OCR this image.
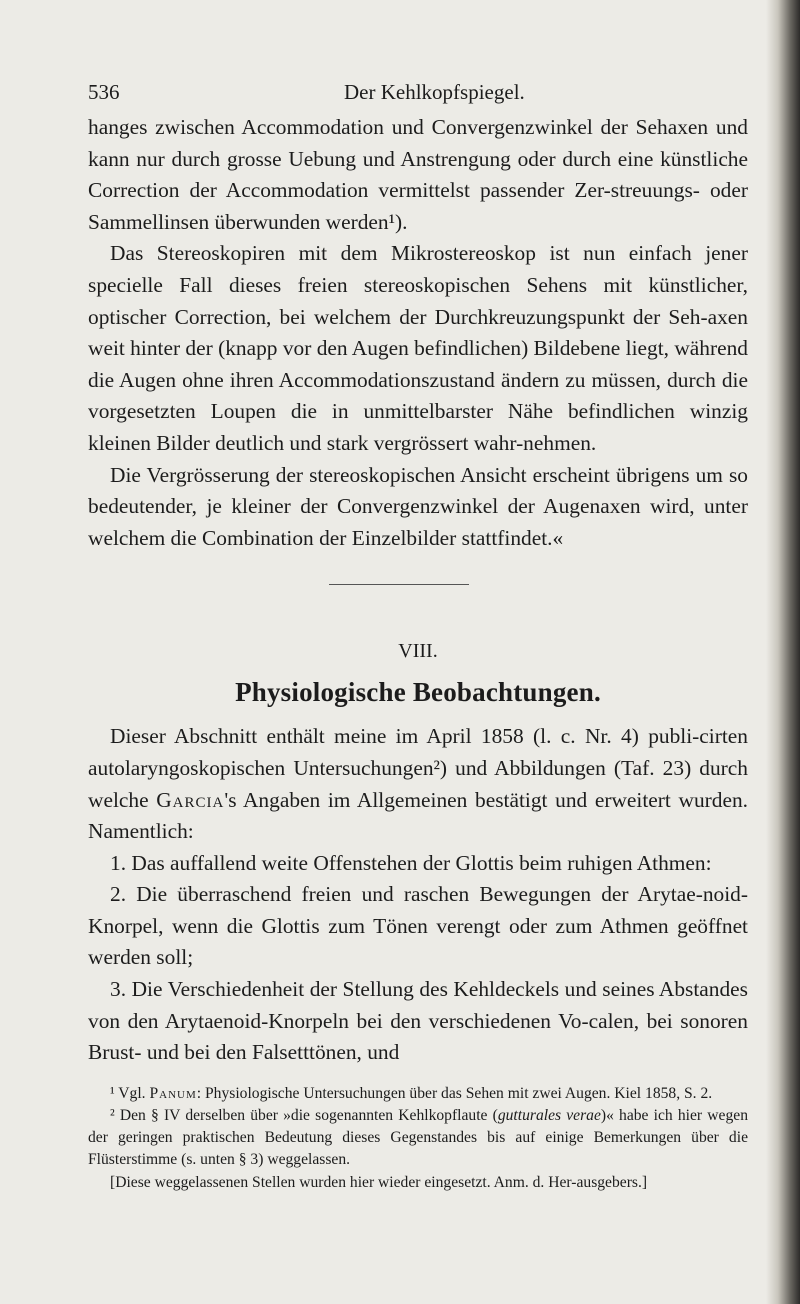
536	Der Kehlkopfspiegel.

hanges zwischen Accommodation und Convergenzwinkel der Sehaxen und kann nur durch grosse Uebung und Anstrengung oder durch eine künstliche Correction der Accommodation vermittelst passender Zer-streuungs- oder Sammellinsen überwunden werden¹).

Das Stereoskopiren mit dem Mikrostereoskop ist nun einfach jener specielle Fall dieses freien stereoskopischen Sehens mit künstlicher, optischer Correction, bei welchem der Durchkreuzungspunkt der Seh-axen weit hinter der (knapp vor den Augen befindlichen) Bildebene liegt, während die Augen ohne ihren Accommodationszustand ändern zu müssen, durch die vorgesetzten Loupen die in unmittelbarster Nähe befindlichen winzig kleinen Bilder deutlich und stark vergrössert wahr-nehmen.

Die Vergrösserung der stereoskopischen Ansicht erscheint übrigens um so bedeutender, je kleiner der Convergenzwinkel der Augenaxen wird, unter welchem die Combination der Einzelbilder stattfindet.«

VIII.
Physiologische Beobachtungen.

Dieser Abschnitt enthält meine im April 1858 (l. c. Nr. 4) publi-cirten autolaryngoskopischen Untersuchungen²) und Abbildungen (Taf. 23) durch welche Garcia's Angaben im Allgemeinen bestätigt und erweitert wurden. Namentlich:

1. Das auffallend weite Offenstehen der Glottis beim ruhigen Athmen:

2. Die überraschend freien und raschen Bewegungen der Arytae-noid-Knorpel, wenn die Glottis zum Tönen verengt oder zum Athmen geöffnet werden soll;

3. Die Verschiedenheit der Stellung des Kehldeckels und seines Abstandes von den Arytaenoid-Knorpeln bei den verschiedenen Vo-calen, bei sonoren Brust- und bei den Falsetttönen, und

¹ Vgl. Panum: Physiologische Untersuchungen über das Sehen mit zwei Augen. Kiel 1858, S. 2.

² Den § IV derselben über »die sogenannten Kehlkopflaute (gutturales verae)« habe ich hier wegen der geringen praktischen Bedeutung dieses Gegenstandes bis auf einige Bemerkungen über die Flüsterstimme (s. unten § 3) weggelassen.

[Diese weggelassenen Stellen wurden hier wieder eingesetzt. Anm. d. Her-ausgebers.]
